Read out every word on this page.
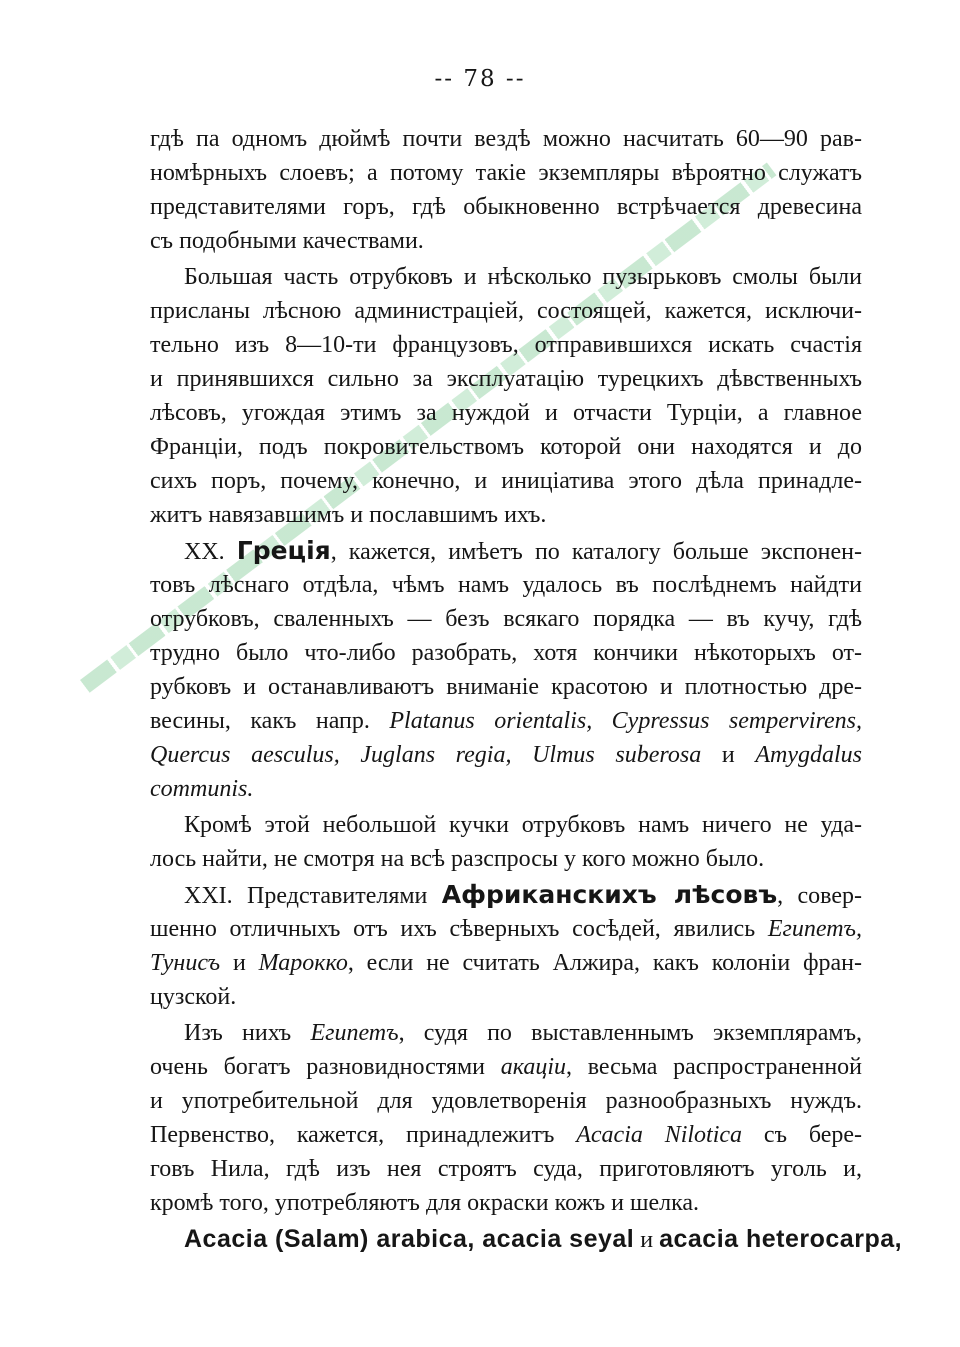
-- 78 --
гдѣ па одномъ дюймѣ почти вездѣ можно насчитать 60—90 рав-
номѣрныхъ слоевъ; а потому такіе экземпляры вѣроятно служатъ
представителями горъ, гдѣ обыкновенно встрѣчается древесина
съ подобными качествами.
Большая часть отрубковъ и нѣсколько пузырьковъ смолы были
присланы лѣсною администраціей, состоящей, кажется, исключи-
тельно изъ 8—10-ти французовъ, отправившихся искать счастія
и принявшихся сильно за эксплуатацію турецкихъ дѣвственныхъ
лѣсовъ, угождая этимъ за нуждой и отчасти Турціи, а главное
Франціи, подъ покровительствомъ которой они находятся и до
сихъ поръ, почему, конечно, и иниціатива этого дѣла принадле-
житъ навязавшимъ и пославшимъ ихъ.
XX. Греція, кажется, имѣетъ по каталогу больше экспонен-
товъ лѣснаго отдѣла, чѣмъ намъ удалось въ послѣднемъ найдти
отрубковъ, сваленныхъ — безъ всякаго порядка — въ кучу, гдѣ
трудно было что-либо разобрать, хотя кончики нѣкоторыхъ от-
рубковъ и останавливаютъ вниманіе красотою и плотностью дре-
весины, какъ напр. Platanus orientalis, Cypressus sempervirens,
Quercus aesculus, Juglans regia, Ulmus suberosa и Amygdalus
communis.
Кромѣ этой небольшой кучки отрубковъ намъ ничего не уда-
лось найти, не смотря на всѣ разспросы у кого можно было.
XXI. Представителями Африканскихъ лѣсовъ, совер-
шенно отличныхъ отъ ихъ сѣверныхъ сосѣдей, явились Египетъ,
Тунисъ и Марокко, если не считать Алжира, какъ колоніи фран-
цузской.
Изъ нихъ Египетъ, судя по выставленнымъ экземплярамъ,
очень богатъ разновидностями акаціи, весьма распространенной
и употребительной для удовлетворенія разнообразныхъ нуждъ.
Первенство, кажется, принадлежитъ Acacia Nilotica съ бере-
говъ Нила, гдѣ изъ нея строятъ суда, приготовляютъ уголь и,
кромѣ того, употребляютъ для окраски кожъ и шелка.
Acacia (Salam) arabica, acacia seyal и acacia heterocarpa,
